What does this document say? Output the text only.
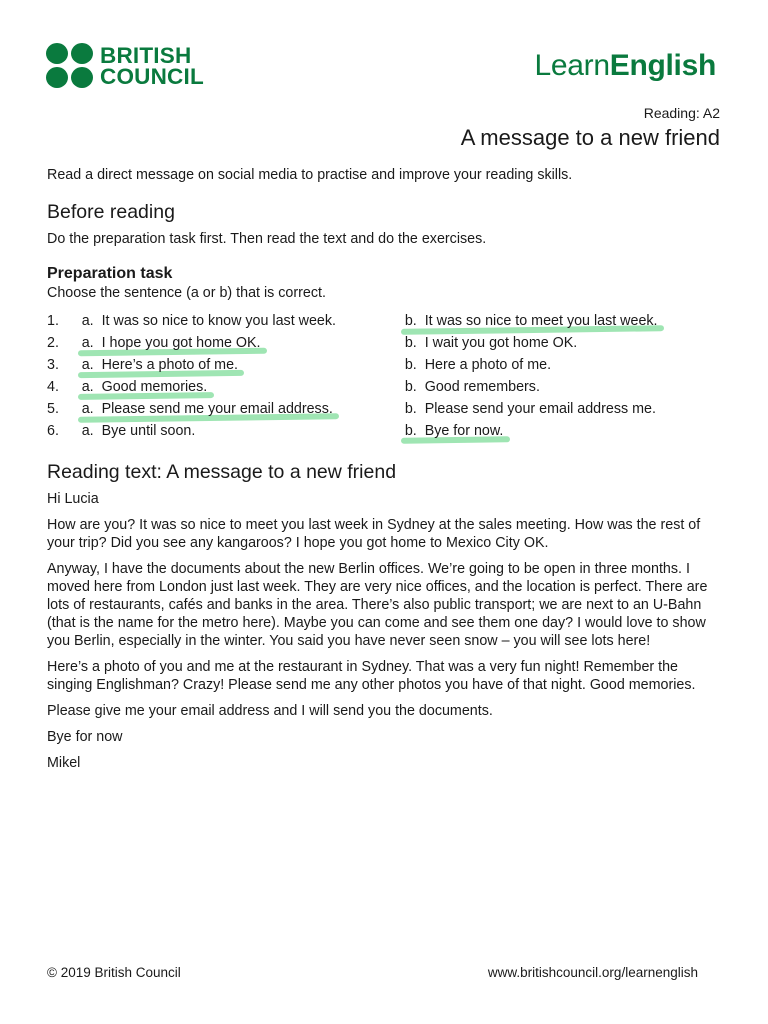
BRITISH
COUNCIL	LearnEnglish
Reading: A2
A message to a new friend

Read a direct message on social media to practise and improve your reading skills.

Before reading

Do the preparation task first. Then read the text and do the exercises.

Preparation task

Choose the sentence (a or b) that is correct.

1.	a. It was so nice to know you last week.	b. It was so nice to meet you last week.
2.	a. I hope you got home OK.	b. I wait you got home OK.
3.	a. Here’s a photo of me.	b. Here a photo of me.
4.	a. Good memories.	b. Good remembers.
5.	a. Please send me your email address.	b. Please send your email address me.
6.	a. Bye until soon.	b. Bye for now.
Reading text: A message to a new friend

Hi Lucia

How are you? It was so nice to meet you last week in Sydney at the sales meeting. How was the rest of your trip? Did you see any kangaroos? I hope you got home to Mexico City OK.

Anyway, I have the documents about the new Berlin offices. We’re going to be open in three months. I moved here from London just last week. They are very nice offices, and the location is perfect. There are lots of restaurants, cafés and banks in the area. There’s also public transport; we are next to an U-Bahn (that is the name for the metro here). Maybe you can come and see them one day? I would love to show you Berlin, especially in the winter. You said you have never seen snow – you will see lots here!

Here’s a photo of you and me at the restaurant in Sydney. That was a very fun night! Remember the singing Englishman? Crazy! Please send me any other photos you have of that night. Good memories.

Please give me your email address and I will send you the documents.

Bye for now

Mikel

© 2019 British Council	www.britishcouncil.org/learnenglish
